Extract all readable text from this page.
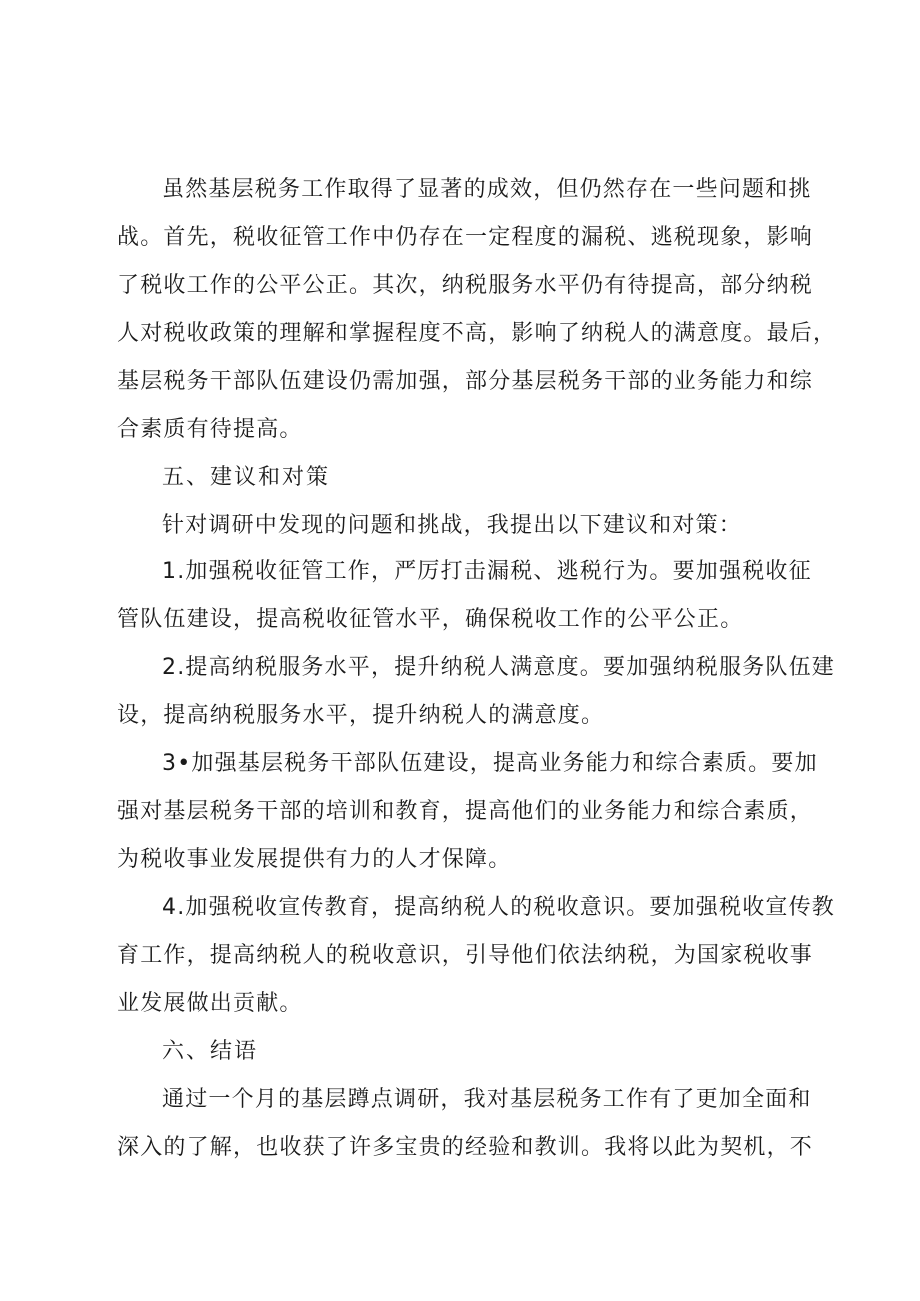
虽然基层税务工作取得了显著的成效，但仍然存在一些问题和挑
战。首先，税收征管工作中仍存在一定程度的漏税、逃税现象，影响
了税收工作的公平公正。其次，纳税服务水平仍有待提高，部分纳税
人对税收政策的理解和掌握程度不高，影响了纳税人的满意度。最后，
基层税务干部队伍建设仍需加强，部分基层税务干部的业务能力和综
合素质有待提高。
五、建议和对策
针对调研中发现的问题和挑战，我提出以下建议和对策：
1.加强税收征管工作，严厉打击漏税、逃税行为。要加强税收征
管队伍建设，提高税收征管水平，确保税收工作的公平公正。
2.提高纳税服务水平，提升纳税人满意度。要加强纳税服务队伍建
设，提高纳税服务水平，提升纳税人的满意度。
3•加强基层税务干部队伍建设，提高业务能力和综合素质。要加
强对基层税务干部的培训和教育，提高他们的业务能力和综合素质，
为税收事业发展提供有力的人才保障。
4.加强税收宣传教育，提高纳税人的税收意识。要加强税收宣传教
育工作，提高纳税人的税收意识，引导他们依法纳税，为国家税收事
业发展做出贡献。
六、结语
通过一个月的基层蹲点调研，我对基层税务工作有了更加全面和
深入的了解，也收获了许多宝贵的经验和教训。我将以此为契机，不
